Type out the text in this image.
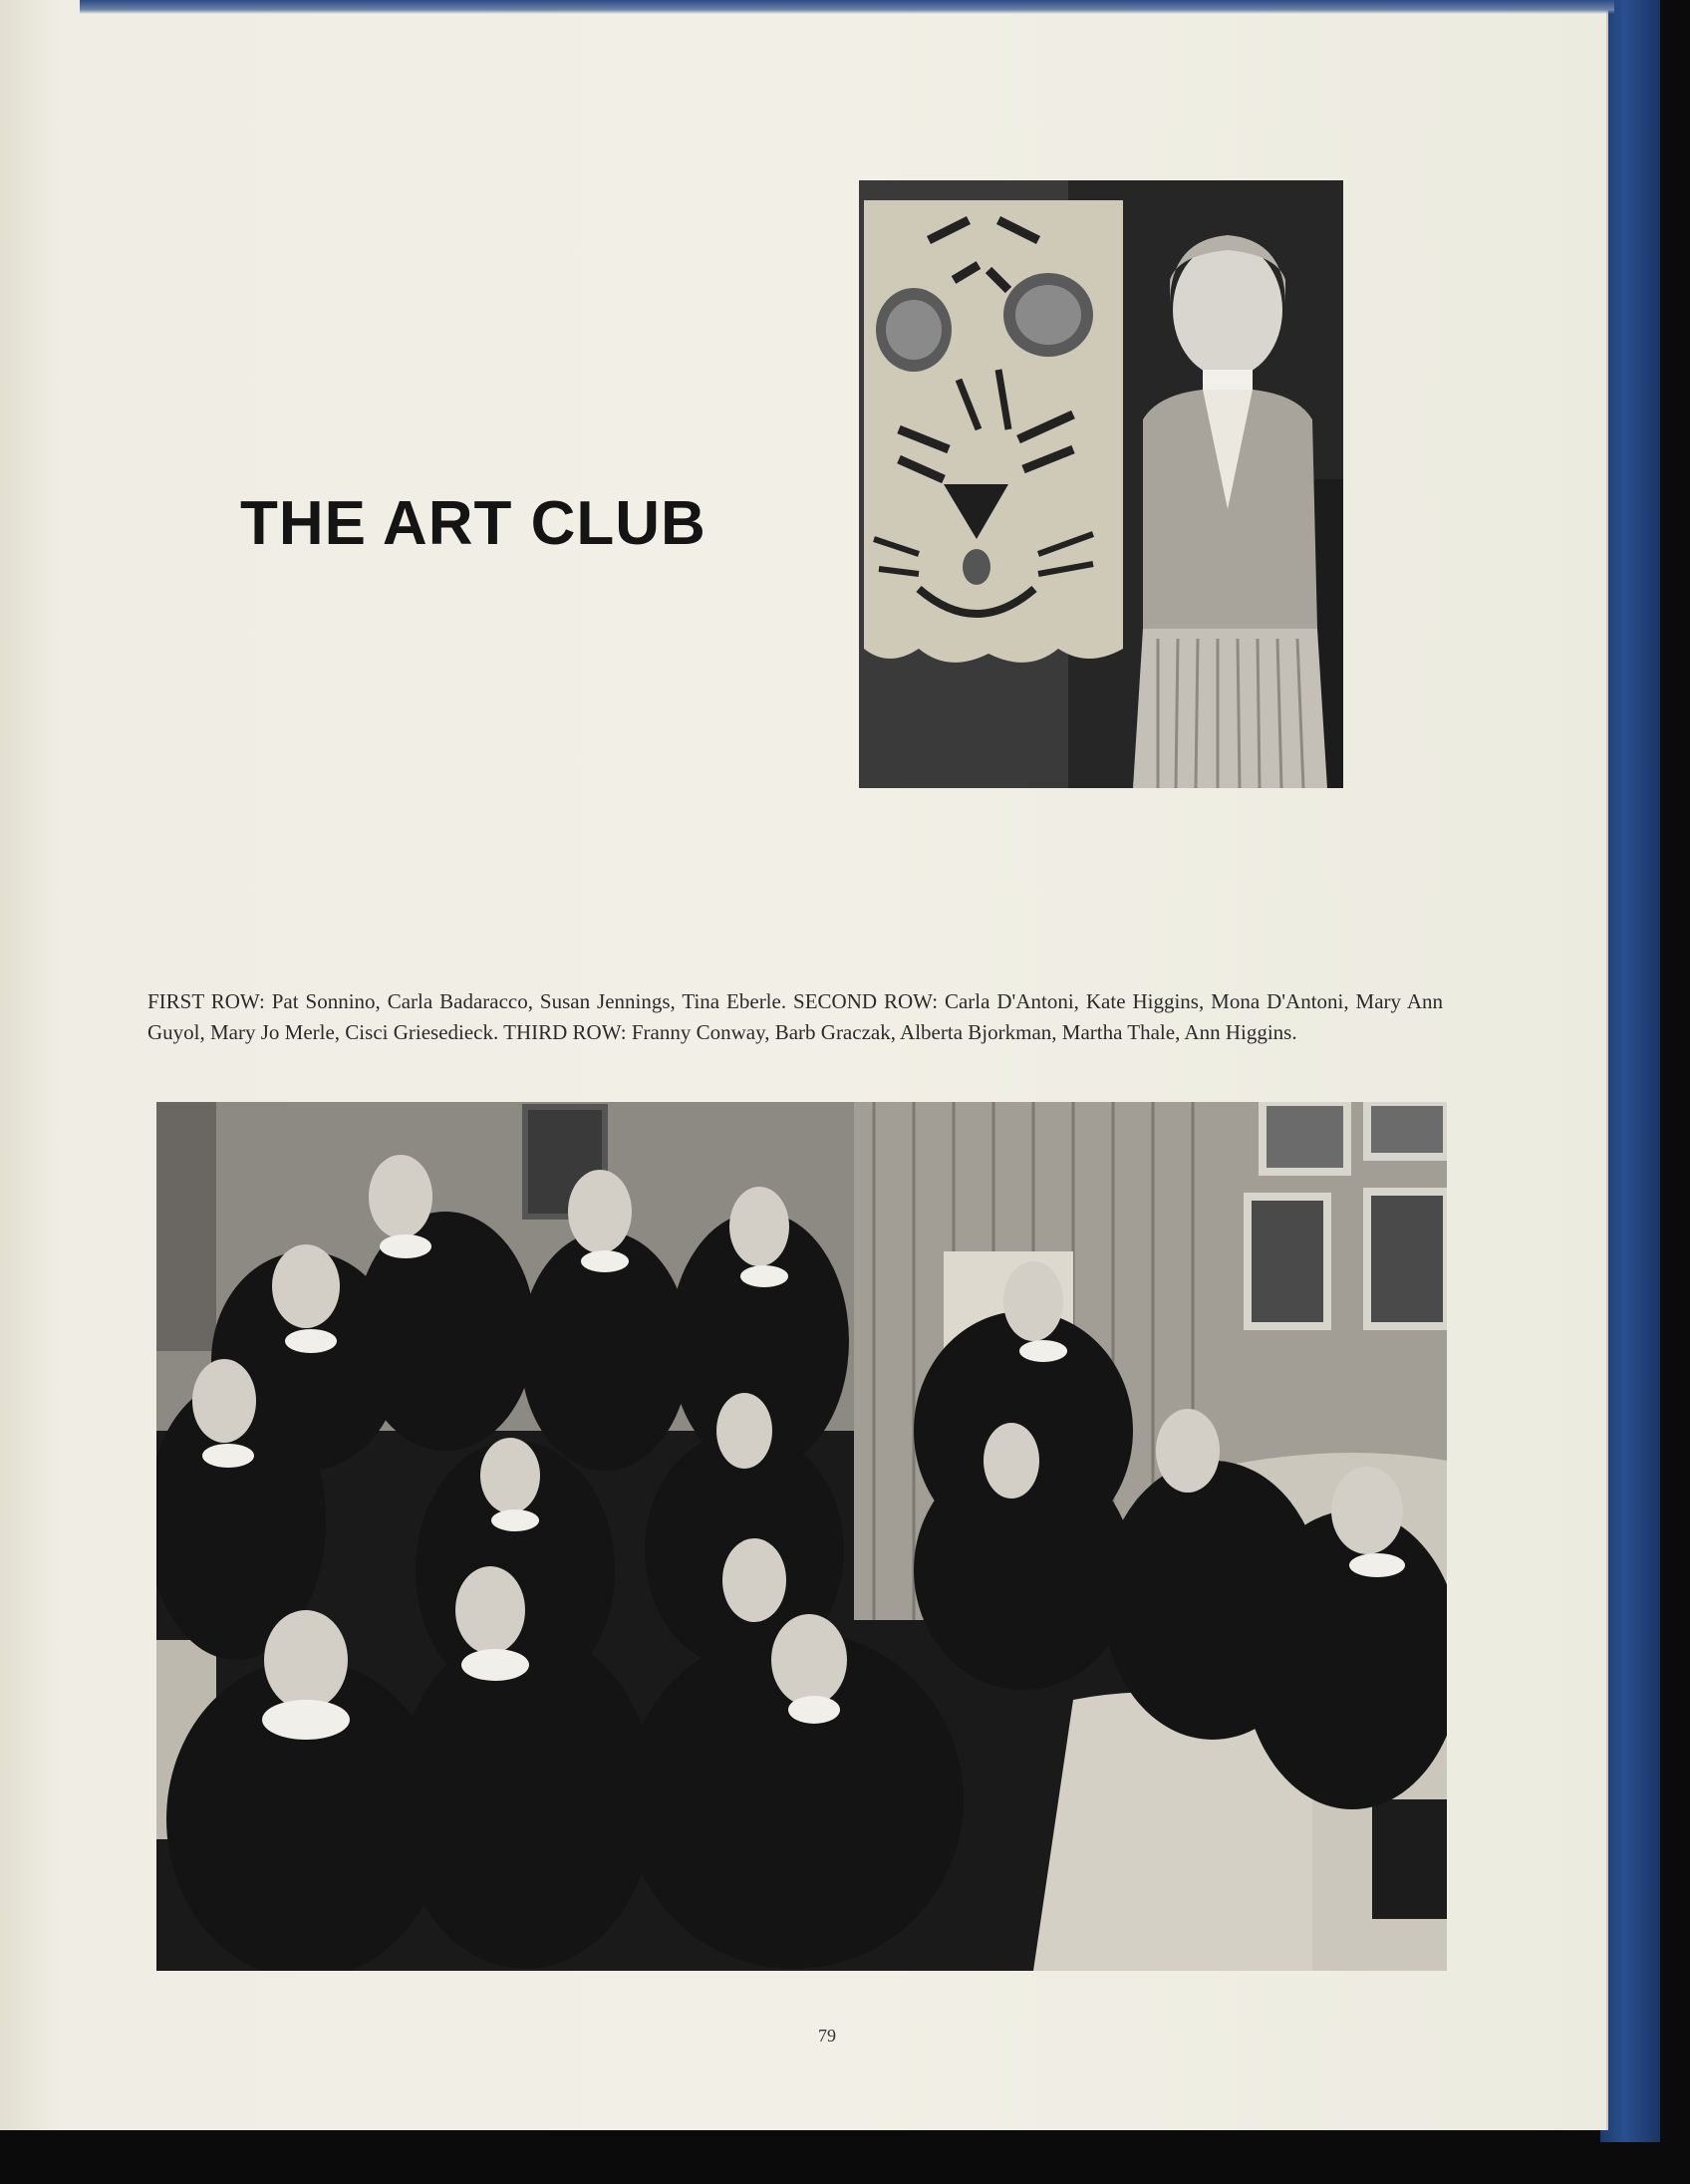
THE ART CLUB

FIRST ROW: Pat Sonnino, Carla Badaracco, Susan Jennings, Tina Eberle. SECOND ROW: Carla D'Antoni, Kate Higgins, Mona D'Antoni, Mary Ann Guyol, Mary Jo Merle, Cisci Griesedieck. THIRD ROW: Franny Conway, Barb Graczak, Alberta Bjorkman, Martha Thale, Ann Higgins.

79
